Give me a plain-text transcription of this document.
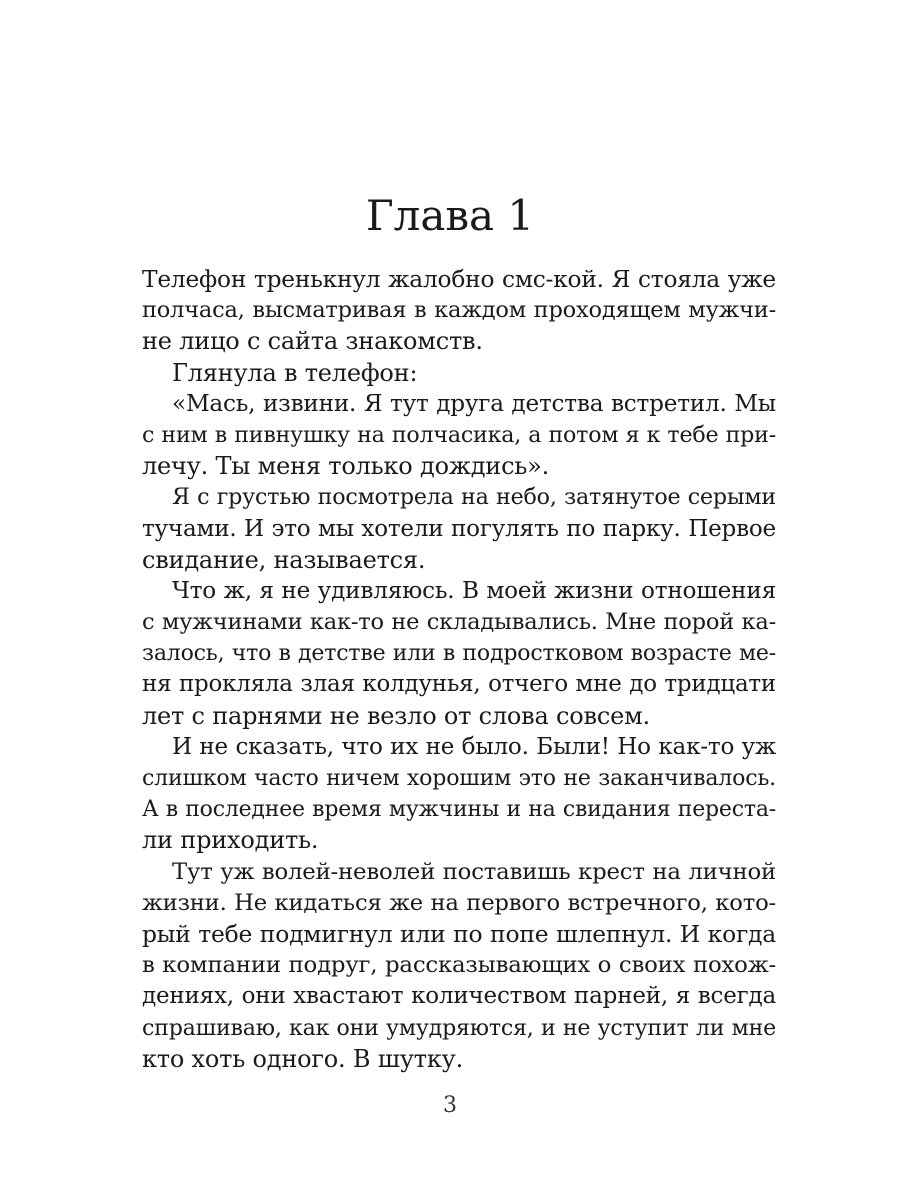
Глава 1
Телефон тренькнул жалобно смс-кой. Я стояла уже
полчаса, высматривая в каждом проходящем мужчи-
не лицо с сайта знакомств.
Глянула в телефон:
«Мась, извини. Я тут друга детства встретил. Мы
с ним в пивнушку на полчасика, а потом я к тебе при-
лечу. Ты меня только дождись».
Я с грустью посмотрела на небо, затянутое серыми
тучами. И это мы хотели погулять по парку. Первое
свидание, называется.
Что ж, я не удивляюсь. В моей жизни отношения
с мужчинами как-то не складывались. Мне порой ка-
залось, что в детстве или в подростковом возрасте ме-
ня прокляла злая колдунья, отчего мне до тридцати
лет с парнями не везло от слова совсем.
И не сказать, что их не было. Были! Но как-то уж
слишком часто ничем хорошим это не заканчивалось.
А в последнее время мужчины и на свидания переста-
ли приходить.
Тут уж волей-неволей поставишь крест на личной
жизни. Не кидаться же на первого встречного, кото-
рый тебе подмигнул или по попе шлепнул. И когда
в компании подруг, рассказывающих о своих похож-
дениях, они хвастают количеством парней, я всегда
спрашиваю, как они умудряются, и не уступит ли мне
кто хоть одного. В шутку.
3
